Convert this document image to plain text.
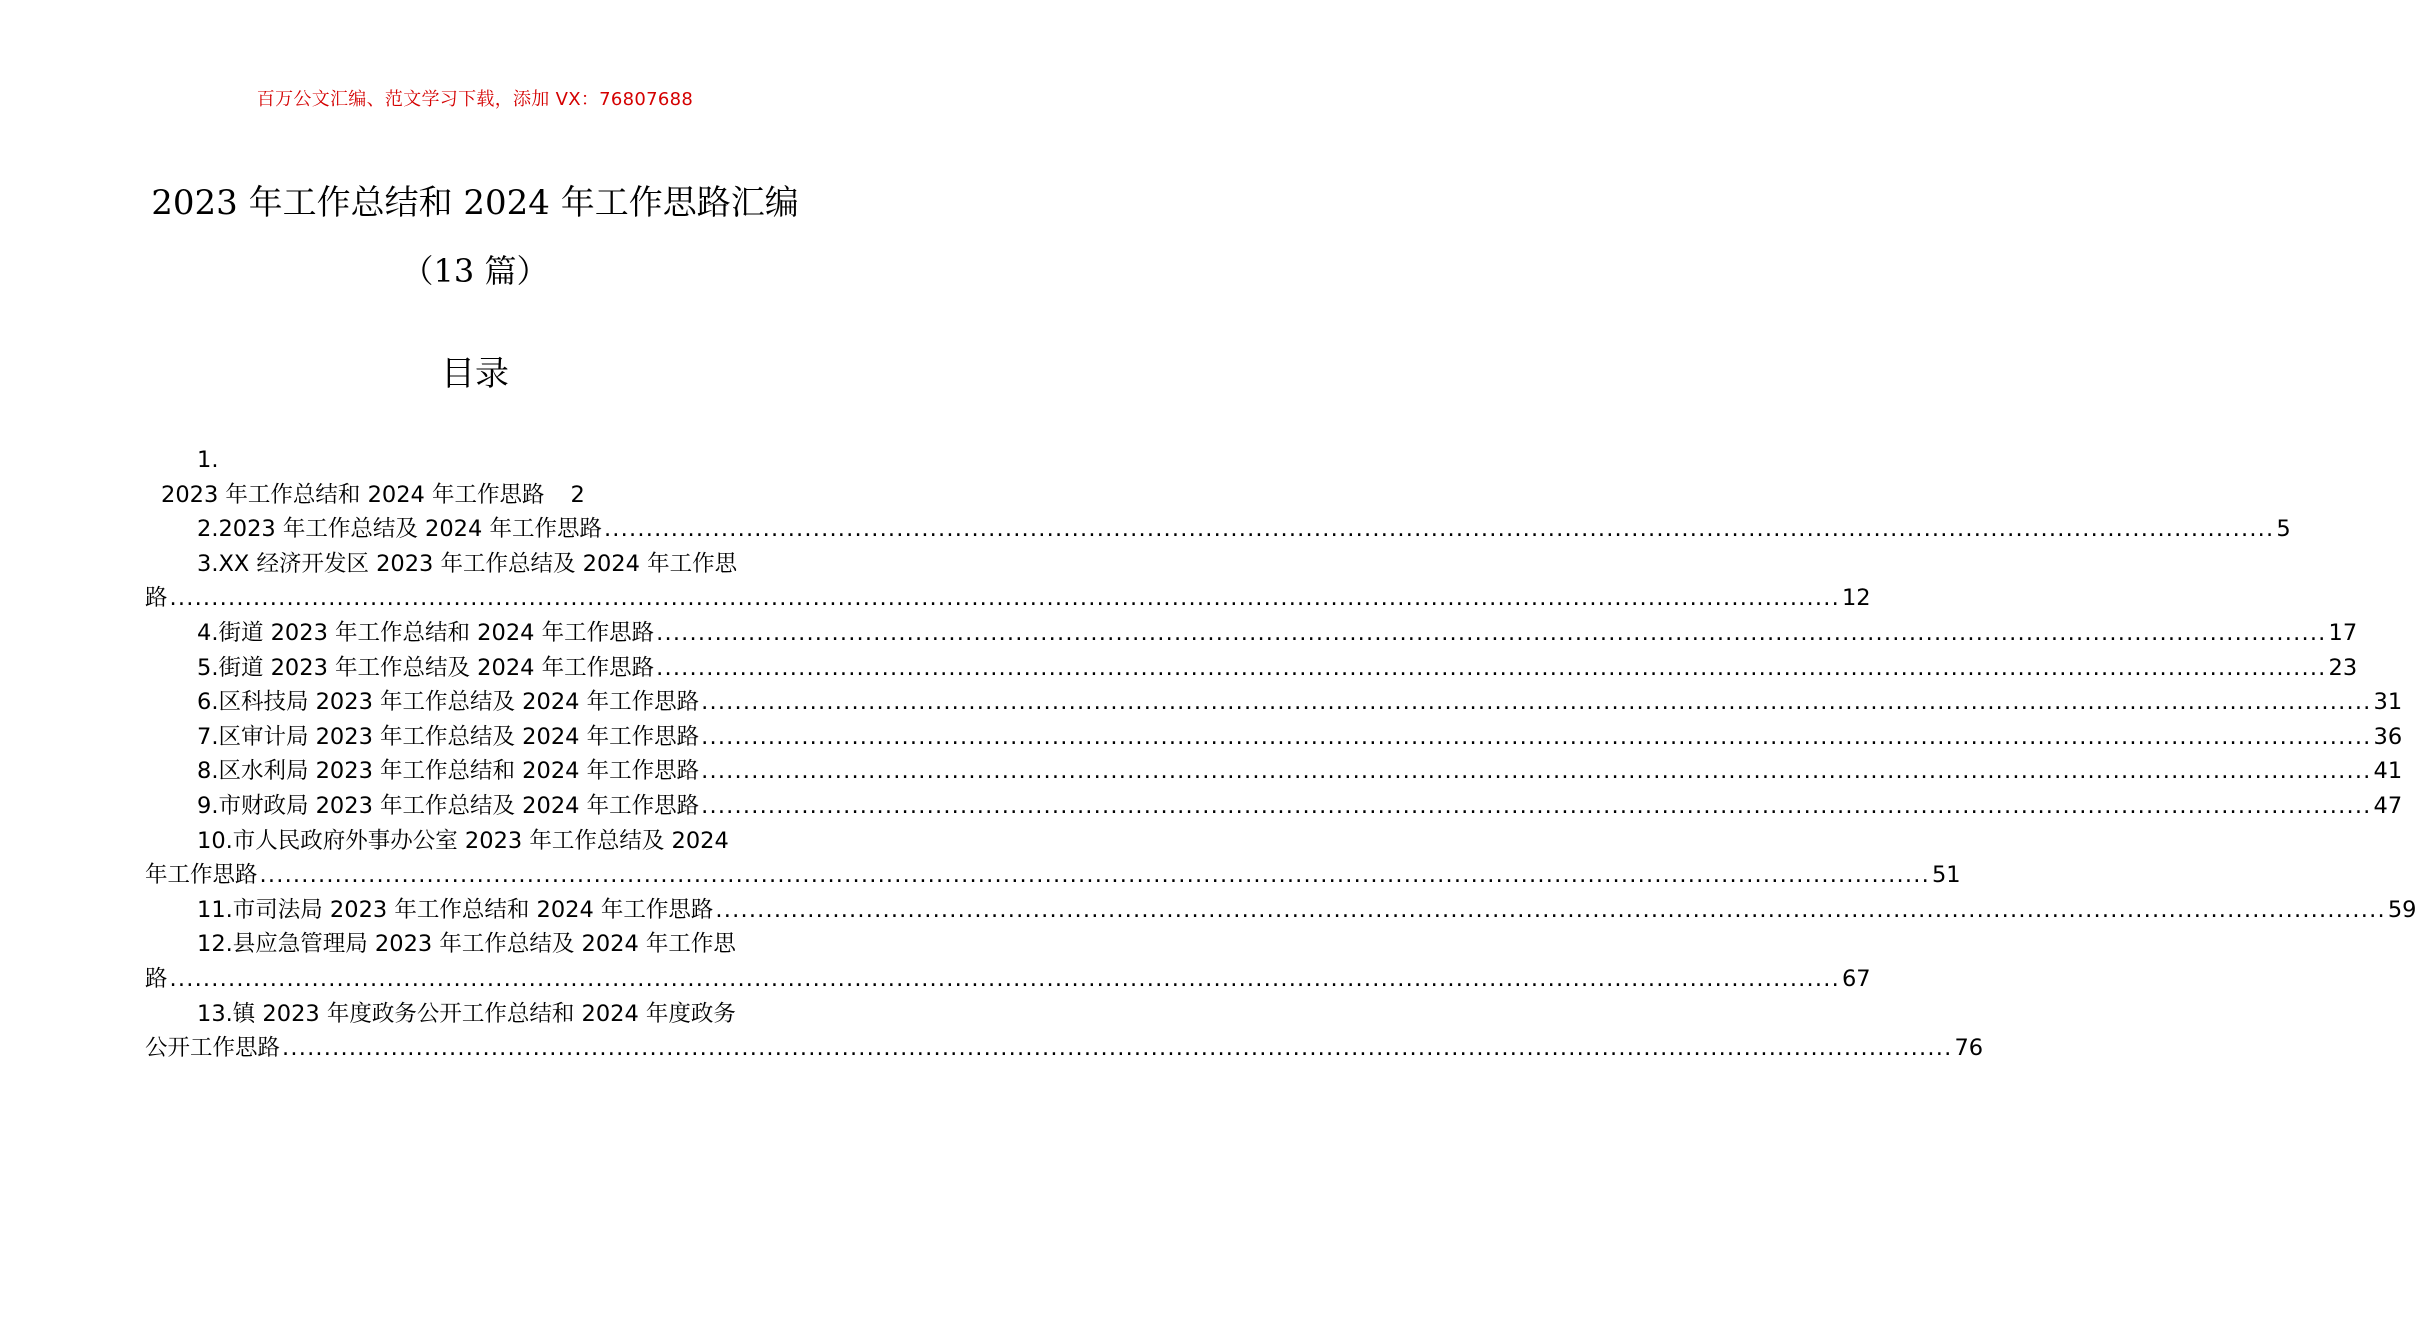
百万公文汇编、范文学习下载，添加 VX：76807688
2023 年工作总结和 2024 年工作思路汇编
（13 篇）
目录
1.
2023 年工作总结和 2024 年工作思路 2
2.2023 年工作总结及 2024 年工作思路 ........................................................................................................................................................................................................ 5
3.XX 经济开发区 2023 年工作总结及 2024 年工作思
路 ........................................................................................................................................................................................................ 12
4.街道 2023 年工作总结和 2024 年工作思路 ........................................................................................................................................................................................................ 17
5.街道 2023 年工作总结及 2024 年工作思路 ........................................................................................................................................................................................................ 23
6.区科技局 2023 年工作总结及 2024 年工作思路 ........................................................................................................................................................................................................ 31
7.区审计局 2023 年工作总结及 2024 年工作思路 ........................................................................................................................................................................................................ 36
8.区水利局 2023 年工作总结和 2024 年工作思路 ........................................................................................................................................................................................................ 41
9.市财政局 2023 年工作总结及 2024 年工作思路 ........................................................................................................................................................................................................ 47
10.市人民政府外事办公室 2023 年工作总结及 2024
年工作思路 ........................................................................................................................................................................................................ 51
11.市司法局 2023 年工作总结和 2024 年工作思路 ........................................................................................................................................................................................................ 59
12.县应急管理局 2023 年工作总结及 2024 年工作思
路 ........................................................................................................................................................................................................ 67
13.镇 2023 年度政务公开工作总结和 2024 年度政务
公开工作思路 ........................................................................................................................................................................................................ 76
